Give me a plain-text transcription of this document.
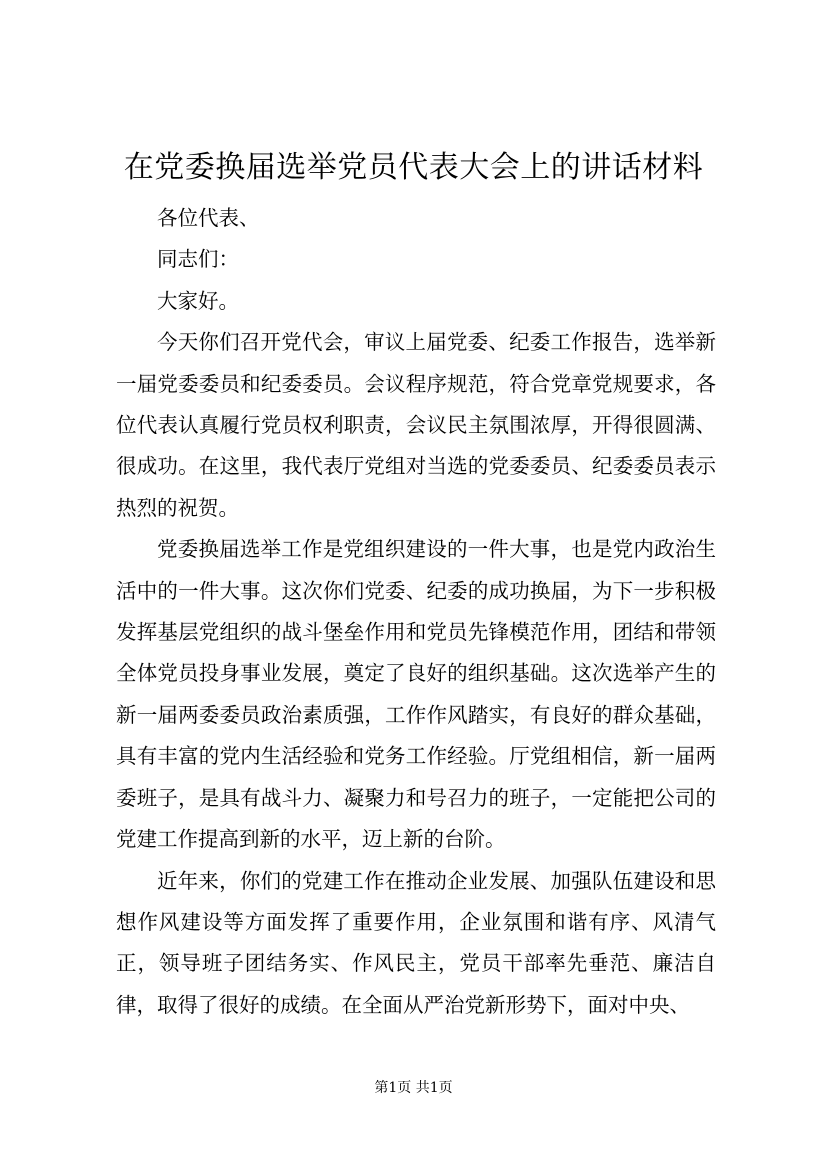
在党委换届选举党员代表大会上的讲话材料

各位代表、

同志们：

大家好。

今天你们召开党代会，审议上届党委、纪委工作报告，选举新一届党委委员和纪委委员。会议程序规范，符合党章党规要求，各位代表认真履行党员权利职责，会议民主氛围浓厚，开得很圆满、很成功。在这里，我代表厅党组对当选的党委委员、纪委委员表示热烈的祝贺。

党委换届选举工作是党组织建设的一件大事，也是党内政治生活中的一件大事。这次你们党委、纪委的成功换届，为下一步积极发挥基层党组织的战斗堡垒作用和党员先锋模范作用，团结和带领全体党员投身事业发展，奠定了良好的组织基础。这次选举产生的新一届两委委员政治素质强，工作作风踏实，有良好的群众基础，具有丰富的党内生活经验和党务工作经验。厅党组相信，新一届两委班子，是具有战斗力、凝聚力和号召力的班子，一定能把公司的党建工作提高到新的水平，迈上新的台阶。

近年来，你们的党建工作在推动企业发展、加强队伍建设和思想作风建设等方面发挥了重要作用，企业氛围和谐有序、风清气正，领导班子团结务实、作风民主，党员干部率先垂范、廉洁自律，取得了很好的成绩。在全面从严治党新形势下，面对中央、

第1页 共1页
